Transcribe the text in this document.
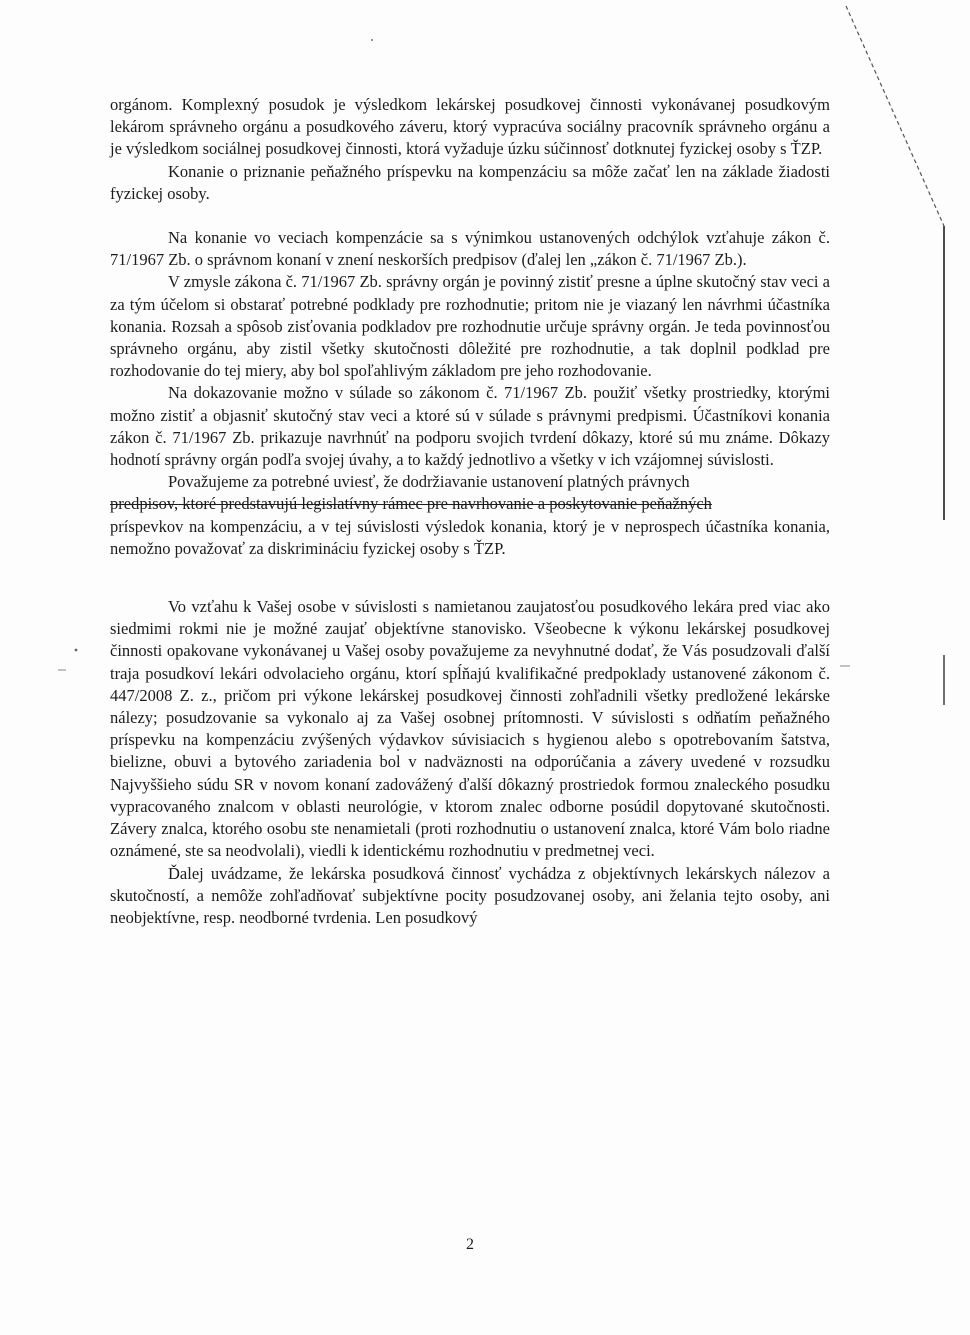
orgánom. Komplexný posudok je výsledkom lekárskej posudkovej činnosti vykonávanej posudkovým lekárom správneho orgánu a posudkového záveru, ktorý vypracúva sociálny pracovník správneho orgánu a je výsledkom sociálnej posudkovej činnosti, ktorá vyžaduje úzku súčinnosť dotknutej fyzickej osoby s ŤZP.

Konanie o priznanie peňažného príspevku na kompenzáciu sa môže začať len na základe žiadosti fyzickej osoby.

Na konanie vo veciach kompenzácie sa s výnimkou ustanovených odchýlok vzťahuje zákon č. 71/1967 Zb. o správnom konaní v znení neskorších predpisov (ďalej len „zákon č. 71/1967 Zb.).

V zmysle zákona č. 71/1967 Zb. správny orgán je povinný zistiť presne a úplne skutočný stav veci a za tým účelom si obstarať potrebné podklady pre rozhodnutie; pritom nie je viazaný len návrhmi účastníka konania. Rozsah a spôsob zisťovania podkladov pre rozhodnutie určuje správny orgán. Je teda povinnosťou správneho orgánu, aby zistil všetky skutočnosti dôležité pre rozhodnutie, a tak doplnil podklad pre rozhodovanie do tej miery, aby bol spoľahlivým základom pre jeho rozhodovanie.

Na dokazovanie možno v súlade so zákonom č. 71/1967 Zb. použiť všetky prostriedky, ktorými možno zistiť a objasniť skutočný stav veci a ktoré sú v súlade s právnymi predpismi. Účastníkovi konania zákon č. 71/1967 Zb. prikazuje navrhnúť na podporu svojich tvrdení dôkazy, ktoré sú mu známe. Dôkazy hodnotí správny orgán podľa svojej úvahy, a to každý jednotlivo a všetky v ich vzájomnej súvislosti.

Považujeme za potrebné uviesť, že dodržiavanie ustanovení platných právnych

predpisov, ktoré predstavujú legislatívny rámec pre navrhovanie a poskytovanie peňažných

príspevkov na kompenzáciu, a v tej súvislosti výsledok konania, ktorý je v neprospech účastníka konania, nemožno považovať za diskrimináciu fyzickej osoby s ŤZP.

Vo vzťahu k Vašej osobe v súvislosti s namietanou zaujatosťou posudkového lekára pred viac ako siedmimi rokmi nie je možné zaujať objektívne stanovisko. Všeobecne k výkonu lekárskej posudkovej činnosti opakovane vykonávanej u Vašej osoby považujeme za nevyhnutné dodať, že Vás posudzovali ďalší traja posudkoví lekári odvolacieho orgánu, ktorí spĺňajú kvalifikačné predpoklady ustanovené zákonom č. 447/2008 Z. z., pričom pri výkone lekárskej posudkovej činnosti zohľadnili všetky predložené lekárske nálezy; posudzovanie sa vykonalo aj za Vašej osobnej prítomnosti. V súvislosti s odňatím peňažného príspevku na kompenzáciu zvýšených výdavkov súvisiacich s hygienou alebo s opotrebovaním šatstva, bielizne, obuvi a bytového zariadenia bol v nadväznosti na odporúčania a závery uvedené v rozsudku Najvyššieho súdu SR v novom konaní zadovážený ďalší dôkazný prostriedok formou znaleckého posudku vypracovaného znalcom v oblasti neurológie, v ktorom znalec odborne posúdil dopytované skutočnosti. Závery znalca, ktorého osobu ste nenamietali (proti rozhodnutiu o ustanovení znalca, ktoré Vám bolo riadne oznámené, ste sa neodvolali), viedli k identickému rozhodnutiu v predmetnej veci.

Ďalej uvádzame, že lekárska posudková činnosť vychádza z objektívnych lekárskych nálezov a skutočností, a nemôže zohľadňovať subjektívne pocity posudzovanej osoby, ani želania tejto osoby, ani neobjektívne, resp. neodborné tvrdenia. Len posudkový

2
